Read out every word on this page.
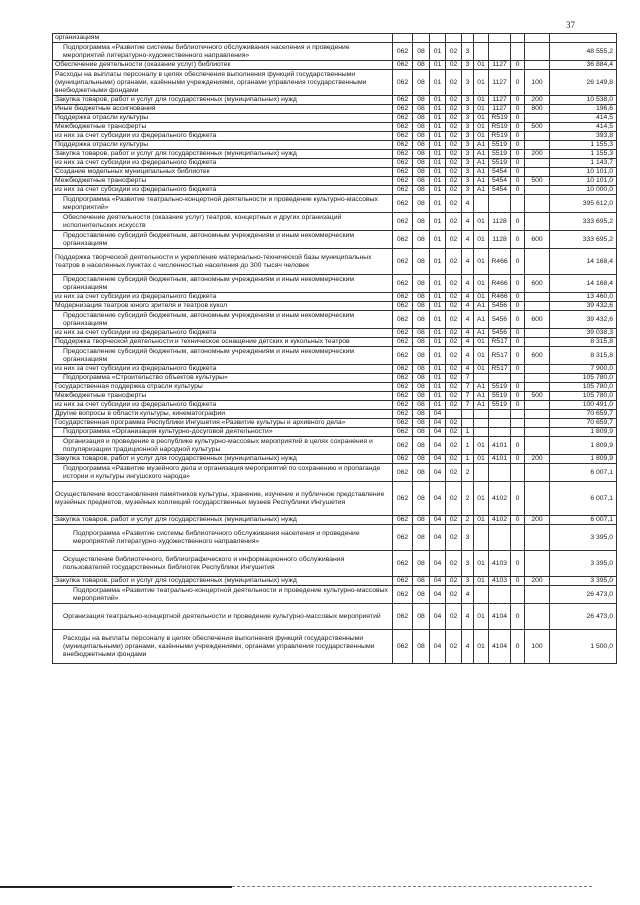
37
организациям										
Подпрограмма «Развитие системы библиотечного обслуживания населения и проведение мероприятий литературно-художественного направления»	062	08	01	02	3					48 555,2
Обеспечение деятельности (оказание услуг) библиотек	062	08	01	02	3	01	1127	0		36 884,4
Расходы на выплаты персоналу в целях обеспечения выполнения функций государственными (муниципальными) органами, казёнными учреждениями, органами управления государственными внебюджетными фондами	062	08	01	02	3	01	1127	0	100	26 149,8
Закупка товаров, работ и услуг для государственных (муниципальных) нужд	062	08	01	02	3	01	1127	0	200	10 538,0
Иные бюджетные ассигнования	062	08	01	02	3	01	1127	0	800	196,6
Поддержка отрасли культуры	062	08	01	02	3	01	R519	0		414,5
Межбюджетные трансферты	062	08	01	02	3	01	R519	0	500	414,5
из них за счет субсидии из федерального бюджета	062	08	01	02	3	01	R519	0		393,8
Поддержка отрасли культуры	062	08	01	02	3	A1	5519	0		1 155,3
Закупка товаров, работ и услуг для государственных (муниципальных) нужд	062	08	01	02	3	A1	5519	0	200	1 155,3
из них за счет субсидии из федерального бюджета	062	08	01	02	3	A1	5519	0		1 143,7
Создание модельных муниципальных библиотек	062	08	01	02	3	A1	5454	0		10 101,0
Межбюджетные трансферты	062	08	01	02	3	A1	5454	0	500	10 101,0
из них за счет субсидии из федерального бюджета	062	08	01	02	3	A1	5454	0		10 000,0
Подпрограмма «Развитие театрально-концертной деятельности и проведение культурно-массовых мероприятий»	062	08	01	02	4					395 612,0
Обеспечение деятельности (оказание услуг) театров, концертных и других организаций исполнительских искусств	062	08	01	02	4	01	1128	0		333 695,2
Предоставление субсидий бюджетным, автономным учреждениям и иным некоммерческим организациям	062	08	01	02	4	01	1128	0	600	333 695,2
Поддержка творческой деятельности и укрепление материально-технической базы муниципальных театров в населенных пунктах с численностью населения до 300 тысяч человек	062	08	01	02	4	01	R466	0		14 168,4
Предоставление субсидий бюджетным, автономным учреждениям и иным некоммерческим организациям	062	08	01	02	4	01	R466	0	600	14 168,4
из них за счет субсидии из федерального бюджета	062	08	01	02	4	01	R466	0		13 460,0
Модернизация театров юного зрителя и театров кукол	062	08	01	02	4	A1	5456	0		39 432,6
Предоставление субсидий бюджетным, автономным учреждениям и иным некоммерческим организациям	062	08	01	02	4	A1	5456	0	600	39 432,6
из них за счет субсидии из федерального бюджета	062	08	01	02	4	A1	5456	0		39 038,3
Поддержка творческой деятельности и техническое оснащение детских и кукольных театров	062	08	01	02	4	01	R517	0		8 315,8
Предоставление субсидий бюджетным, автономным учреждениям и иным некоммерческим организациям	062	08	01	02	4	01	R517	0	600	8 315,8
из них за счет субсидии из федерального бюджета	062	08	01	02	4	01	R517	0		7 900,0
Подпрограмма «Строительство объектов культуры»	062	08	01	02	7					105 780,0
Государственная поддержка отрасли культуры	062	08	01	02	7	A1	5519	0		105 780,0
Межбюджетные трансферты	062	08	01	02	7	A1	5519	0	500	105 780,0
из них за счет субсидии из федерального бюджета	062	08	01	02	7	A1	5519	0		100 491,0
Другие вопросы в области культуры, кинематографии	062	08	04							70 659,7
Государственная программа Республики Ингушетия «Развитие культуры и архивного дела»	062	08	04	02						70 659,7
Подпрограмма «Организация культурно-досуговой деятельности»	062	08	04	02	1					1 809,9
Организация и проведение в республике культурно-массовых мероприятий в целях сохранения и популяризации традиционной народной культуры	062	08	04	02	1	01	4101	0		1 809,9
Закупка товаров, работ и услуг для государственных (муниципальных) нужд	062	08	04	02	1	01	4101	0	200	1 809,9
Подпрограмма «Развитие музейного дела и организация мероприятий по сохранению и пропаганде истории и культуры ингушского народа»	062	08	04	02	2					6 007,1
Осуществление восстановления памятников культуры, хранение, изучение и публичное представление музейных предметов, музейных коллекций государственных музеев Республики Ингушетия	062	08	04	02	2	01	4102	0		6 007,1
Закупка товаров, работ и услуг для государственных (муниципальных) нужд	062	08	04	02	2	01	4102	0	200	6 007,1
Подпрограмма «Развитие системы библиотечного обслуживания населения и проведение мероприятий литературно-художественного направления»	062	08	04	02	3					3 395,0
Осуществление библиотечного, библиографического и информационного обслуживания пользователей государственных библиотек Республики Ингушетия	062	08	04	02	3	01	4103	0		3 395,0
Закупка товаров, работ и услуг для государственных (муниципальных) нужд	062	08	04	02	3	01	4103	0	200	3 395,0
Подпрограмма «Развитие театрально-концертной деятельности и проведение культурно-массовых мероприятий»	062	08	04	02	4					26 473,0
Организация театрально-концертной деятельности и проведение культурно-массовых мероприятий	062	08	04	02	4	01	4104	0		26 473,0
Расходы на выплаты персоналу в целях обеспечения выполнения функций государственными (муниципальными) органами, казёнными учреждениями, органами управления государственными внебюджетными фондами	062	08	04	02	4	01	4104	0	100	1 500,0
